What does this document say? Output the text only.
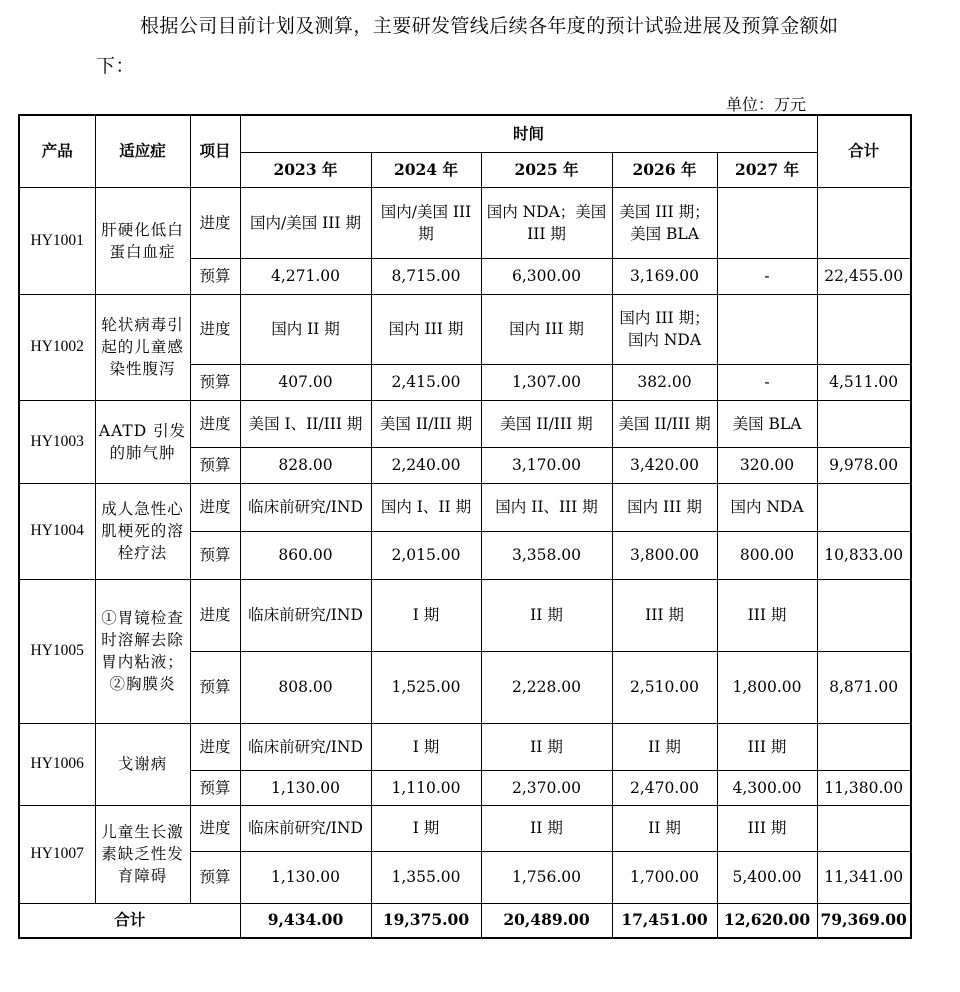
根据公司目前计划及测算，主要研发管线后续各年度的预计试验进展及预算金额如下：
单位：万元
产品	适应症	项目	时间					合计
			2023 年	2024 年	2025 年	2026 年	2027 年	
HY1001	肝硬化低白蛋白血症	进度	国内/美国 III 期	国内/美国 III 期	国内 NDA；美国 III 期	美国 III 期；美国 BLA		
		预算	4,271.00	8,715.00	6,300.00	3,169.00	-	22,455.00
HY1002	轮状病毒引起的儿童感染性腹泻	进度	国内 II 期	国内 III 期	国内 III 期	国内 III 期；国内 NDA		
		预算	407.00	2,415.00	1,307.00	382.00	-	4,511.00
HY1003	AATD 引发的肺气肿	进度	美国 I、II/III 期	美国 II/III 期	美国 II/III 期	美国 II/III 期	美国 BLA	
		预算	828.00	2,240.00	3,170.00	3,420.00	320.00	9,978.00
HY1004	成人急性心肌梗死的溶栓疗法	进度	临床前研究/IND	国内 I、II 期	国内 II、III 期	国内 III 期	国内 NDA	
		预算	860.00	2,015.00	3,358.00	3,800.00	800.00	10,833.00
HY1005	①胃镜检查时溶解去除胃内粘液；②胸膜炎	进度	临床前研究/IND	I 期	II 期	III 期	III 期	
		预算	808.00	1,525.00	2,228.00	2,510.00	1,800.00	8,871.00
HY1006	戈谢病	进度	临床前研究/IND	I 期	II 期	II 期	III 期	
		预算	1,130.00	1,110.00	2,370.00	2,470.00	4,300.00	11,380.00
HY1007	儿童生长激素缺乏性发育障碍	进度	临床前研究/IND	I 期	II 期	II 期	III 期	
		预算	1,130.00	1,355.00	1,756.00	1,700.00	5,400.00	11,341.00
合计			9,434.00	19,375.00	20,489.00	17,451.00	12,620.00	79,369.00
